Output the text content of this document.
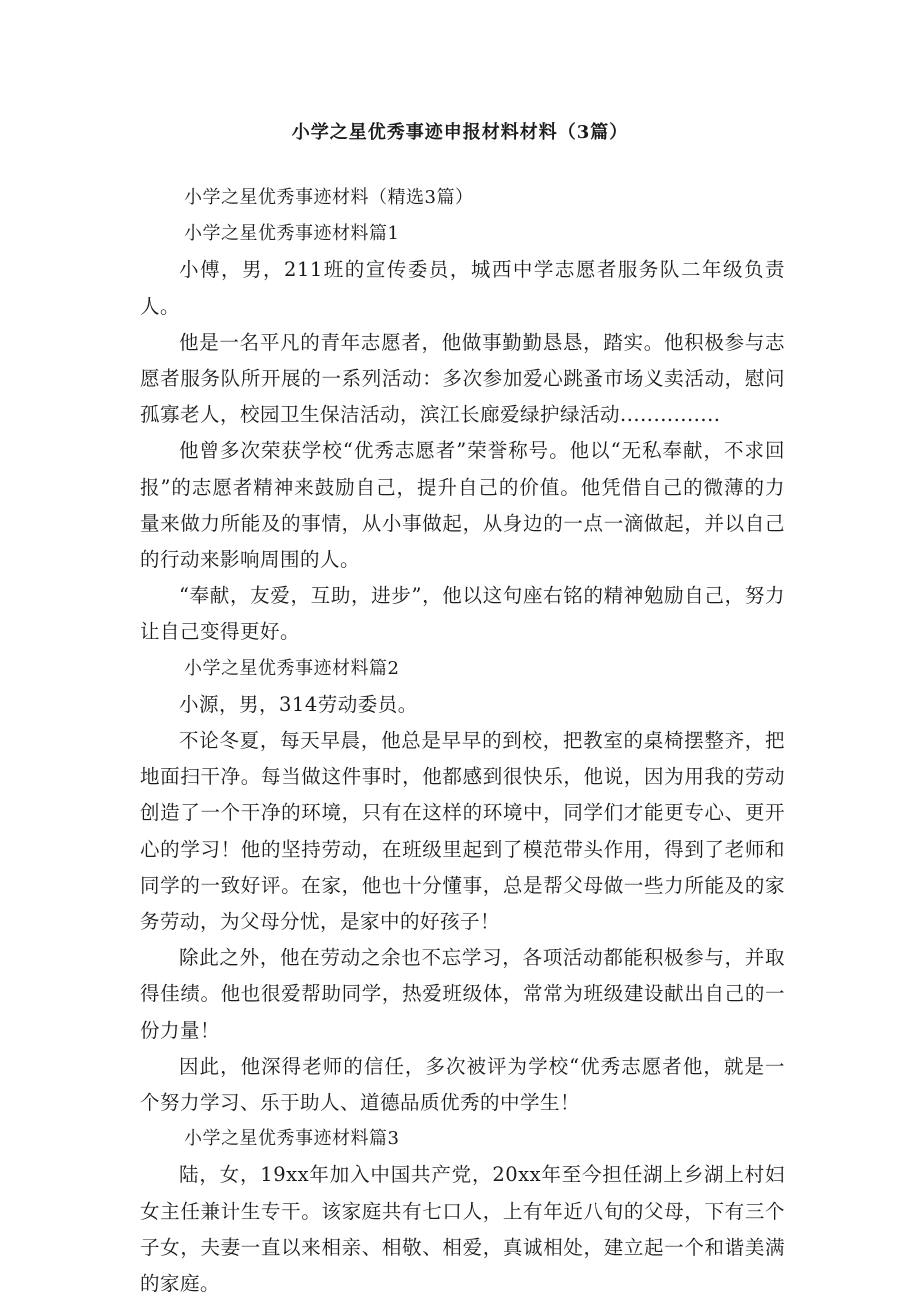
小学之星优秀事迹申报材料材料（3篇）

小学之星优秀事迹材料（精选3篇）

小学之星优秀事迹材料篇1

小傅，男，211班的宣传委员，城西中学志愿者服务队二年级负责人。

他是一名平凡的青年志愿者，他做事勤勤恳恳，踏实。他积极参与志愿者服务队所开展的一系列活动：多次参加爱心跳蚤市场义卖活动，慰问孤寡老人，校园卫生保洁活动，滨江长廊爱绿护绿活动...............

他曾多次荣获学校“优秀志愿者”荣誉称号。他以“无私奉献，不求回报”的志愿者精神来鼓励自己，提升自己的价值。他凭借自己的微薄的力量来做力所能及的事情，从小事做起，从身边的一点一滴做起，并以自己的行动来影响周围的人。

“奉献，友爱，互助，进步”，他以这句座右铭的精神勉励自己，努力让自己变得更好。

小学之星优秀事迹材料篇2

小源，男，314劳动委员。

不论冬夏，每天早晨，他总是早早的到校，把教室的桌椅摆整齐，把地面扫干净。每当做这件事时，他都感到很快乐，他说，因为用我的劳动创造了一个干净的环境，只有在这样的环境中，同学们才能更专心、更开心的学习！他的坚持劳动，在班级里起到了模范带头作用，得到了老师和同学的一致好评。在家，他也十分懂事，总是帮父母做一些力所能及的家务劳动，为父母分忧，是家中的好孩子！

除此之外，他在劳动之余也不忘学习，各项活动都能积极参与，并取得佳绩。他也很爱帮助同学，热爱班级体，常常为班级建设献出自己的一份力量！

因此，他深得老师的信任，多次被评为学校“优秀志愿者他，就是一个努力学习、乐于助人、道德品质优秀的中学生！

小学之星优秀事迹材料篇3

陆，女，19xx年加入中国共产党，20xx年至今担任湖上乡湖上村妇女主任兼计生专干。该家庭共有七口人，上有年近八旬的父母，下有三个子女，夫妻一直以来相亲、相敬、相爱，真诚相处，建立起一个和谐美满的家庭。
